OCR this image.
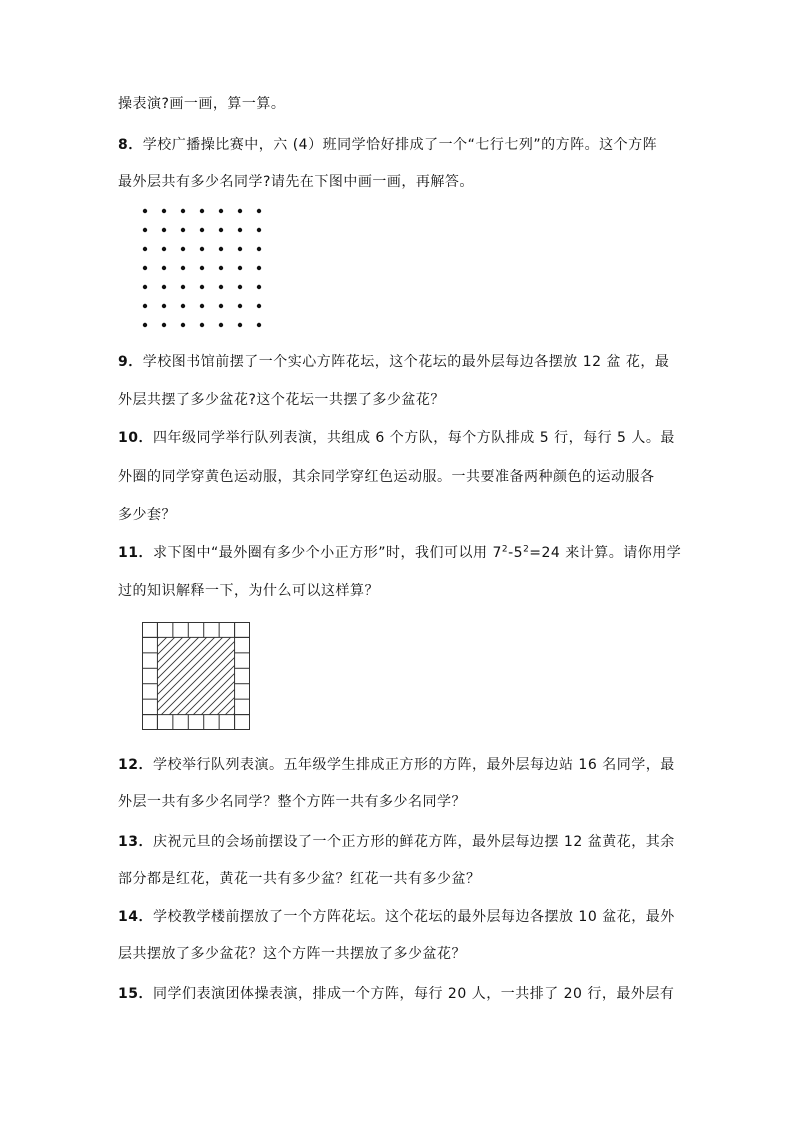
操表演?画一画，算一算。
8．学校广播操比赛中，六 (4）班同学恰好排成了一个“七行七列”的方阵。这个方阵
最外层共有多少名同学?请先在下图中画一画，再解答。
9．学校图书馆前摆了一个实心方阵花坛，这个花坛的最外层每边各摆放 12 盆 花，最
外层共摆了多少盆花?这个花坛一共摆了多少盆花？
10．四年级同学举行队列表演，共组成 6 个方队，每个方队排成 5 行，每行 5 人。最
外圈的同学穿黄色运动服，其余同学穿红色运动服。一共要准备两种颜色的运动服各
多少套？
11．求下图中“最外圈有多少个小正方形”时，我们可以用 $7^2-5^2=24$ 来计算。请你用学
过的知识解释一下，为什么可以这样算？
12．学校举行队列表演。五年级学生排成正方形的方阵，最外层每边站 16 名同学，最
外层一共有多少名同学？整个方阵一共有多少名同学？
13．庆祝元旦的会场前摆设了一个正方形的鲜花方阵，最外层每边摆 12 盆黄花，其余
部分都是红花，黄花一共有多少盆？红花一共有多少盆？
14．学校教学楼前摆放了一个方阵花坛。这个花坛的最外层每边各摆放 10 盆花，最外
层共摆放了多少盆花？这个方阵一共摆放了多少盆花？
15．同学们表演团体操表演，排成一个方阵，每行 20 人，一共排了 20 行，最外层有
